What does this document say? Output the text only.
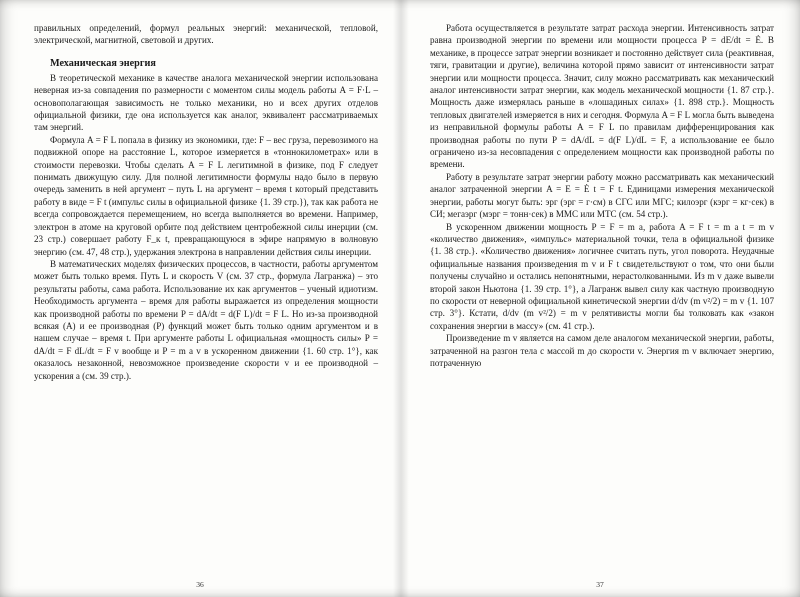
правильных определений, формул реальных энергий: механической, тепловой, электрической, магнитной, световой и других.

Механическая энергия

В теоретической механике в качестве аналога механической энергии использована неверная из-за совпадения по размерности с моментом силы модель работы A = F·L – основополагающая зависимость не только механики, но и всех других отделов официальной физики, где она используется как аналог, эквивалент рассматриваемых там энергий.

Формула A = F L попала в физику из экономики, где: F – вес груза, перевозимого на подвижной опоре на расстояние L, которое измеряется в «тоннокилометрах» или в стоимости перевозки. Чтобы сделать A = F L легитимной в физике, под F следует понимать движущую силу. Для полной легитимности формулы надо было в первую очередь заменить в ней аргумент – путь L на аргумент – время t который представить работу в виде = F t (импульс силы в официальной физике {1. 39 стр.}), так как работа не всегда сопровождается перемещением, но всегда выполняется во времени. Например, электрон в атоме на круговой орбите под действием центробежной силы инерции (см. 23 стр.) совершает работу F_к t, превращающуюся в эфире напрямую в волновую энергию (см. 47, 48 стр.), удержания электрона в направлении действия силы инерции.

В математических моделях физических процессов, в частности, работы аргументом может быть только время. Путь L и скорость V (см. 37 стр., формула Лагранжа) – это результаты работы, сама работа. Использование их как аргументов – ученый идиотизм. Необходимость аргумента – время для работы выражается из определения мощности как производной работы по времени P = dA/dt = d(F L)/dt = F L. Но из-за производной всякая (A) и ее производная (P) функций может быть только одним аргументом и в нашем случае – время t. При аргументе работы L официальная «мощность силы» P = dA/dt = F dL/dt = F v вообще и P = m a v в ускоренном движении {1. 60 стр. 1°}, как оказалось незаконной, невозможное произведение скорости v и ее производной – ускорения a (см. 39 стр.).

36

Работа осуществляется в результате затрат расхода энергии. Интенсивность затрат равна производной энергии по времени или мощности процесса P = dE/dt = Ė. В механике, в процессе затрат энергии возникает и постоянно действует сила (реактивная, тяги, гравитации и другие), величина которой прямо зависит от интенсивности затрат энергии или мощности процесса. Значит, силу можно рассматривать как механический аналог интенсивности затрат энергии, как модель механической мощности {1. 87 стр.}. Мощность даже измерялась раньше в «лошадиных силах» {1. 898 стр.}. Мощность тепловых двигателей измеряется в них и сегодня. Формула A = F L могла быть выведена из неправильной формулы работы A = F L по правилам дифференцирования как производная работы по пути P = dA/dL = d(F L)/dL = F, а использование ее было ограничено из-за несовпадения с определением мощности как производной работы по времени.

Работу в результате затрат энергии работу можно рассматривать как механический аналог затраченной энергии A = E = Ė t = F t. Единицами измерения механической энергии, работы могут быть: эрг (эрг = г·см) в СГС или МГС; килоэрг (кэрг = кг·сек) в СИ; мегаэрг (мэрг = тонн·сек) в ММС или МТС (см. 54 стр.).

В ускоренном движении мощность P = F = m a, работа A = F t = m a t = m v «количество движения», «импульс» материальной точки, тела в официальной физике {1. 38 стр.}. «Количество движения» логичнее считать путь, угол поворота. Неудачные официальные названия произведения m v и F t свидетельствуют о том, что они были получены случайно и остались непонятными, нерастолкованными. Из m v даже вывели второй закон Ньютона {1. 39 стр. 1°}, а Лагранж вывел силу как частную производную по скорости от неверной официальной кинетической энергии d/dv (m v²/2) = m v {1. 107 стр. 3°}. Кстати, d/dv (m v²/2) = m v релятивисты могли бы толковать как «закон сохранения энергии в массу» (см. 41 стр.).

Произведение m v является на самом деле аналогом механической энергии, работы, затраченной на разгон тела с массой m до скорости v. Энергия m v включает энергию, потраченную

37
